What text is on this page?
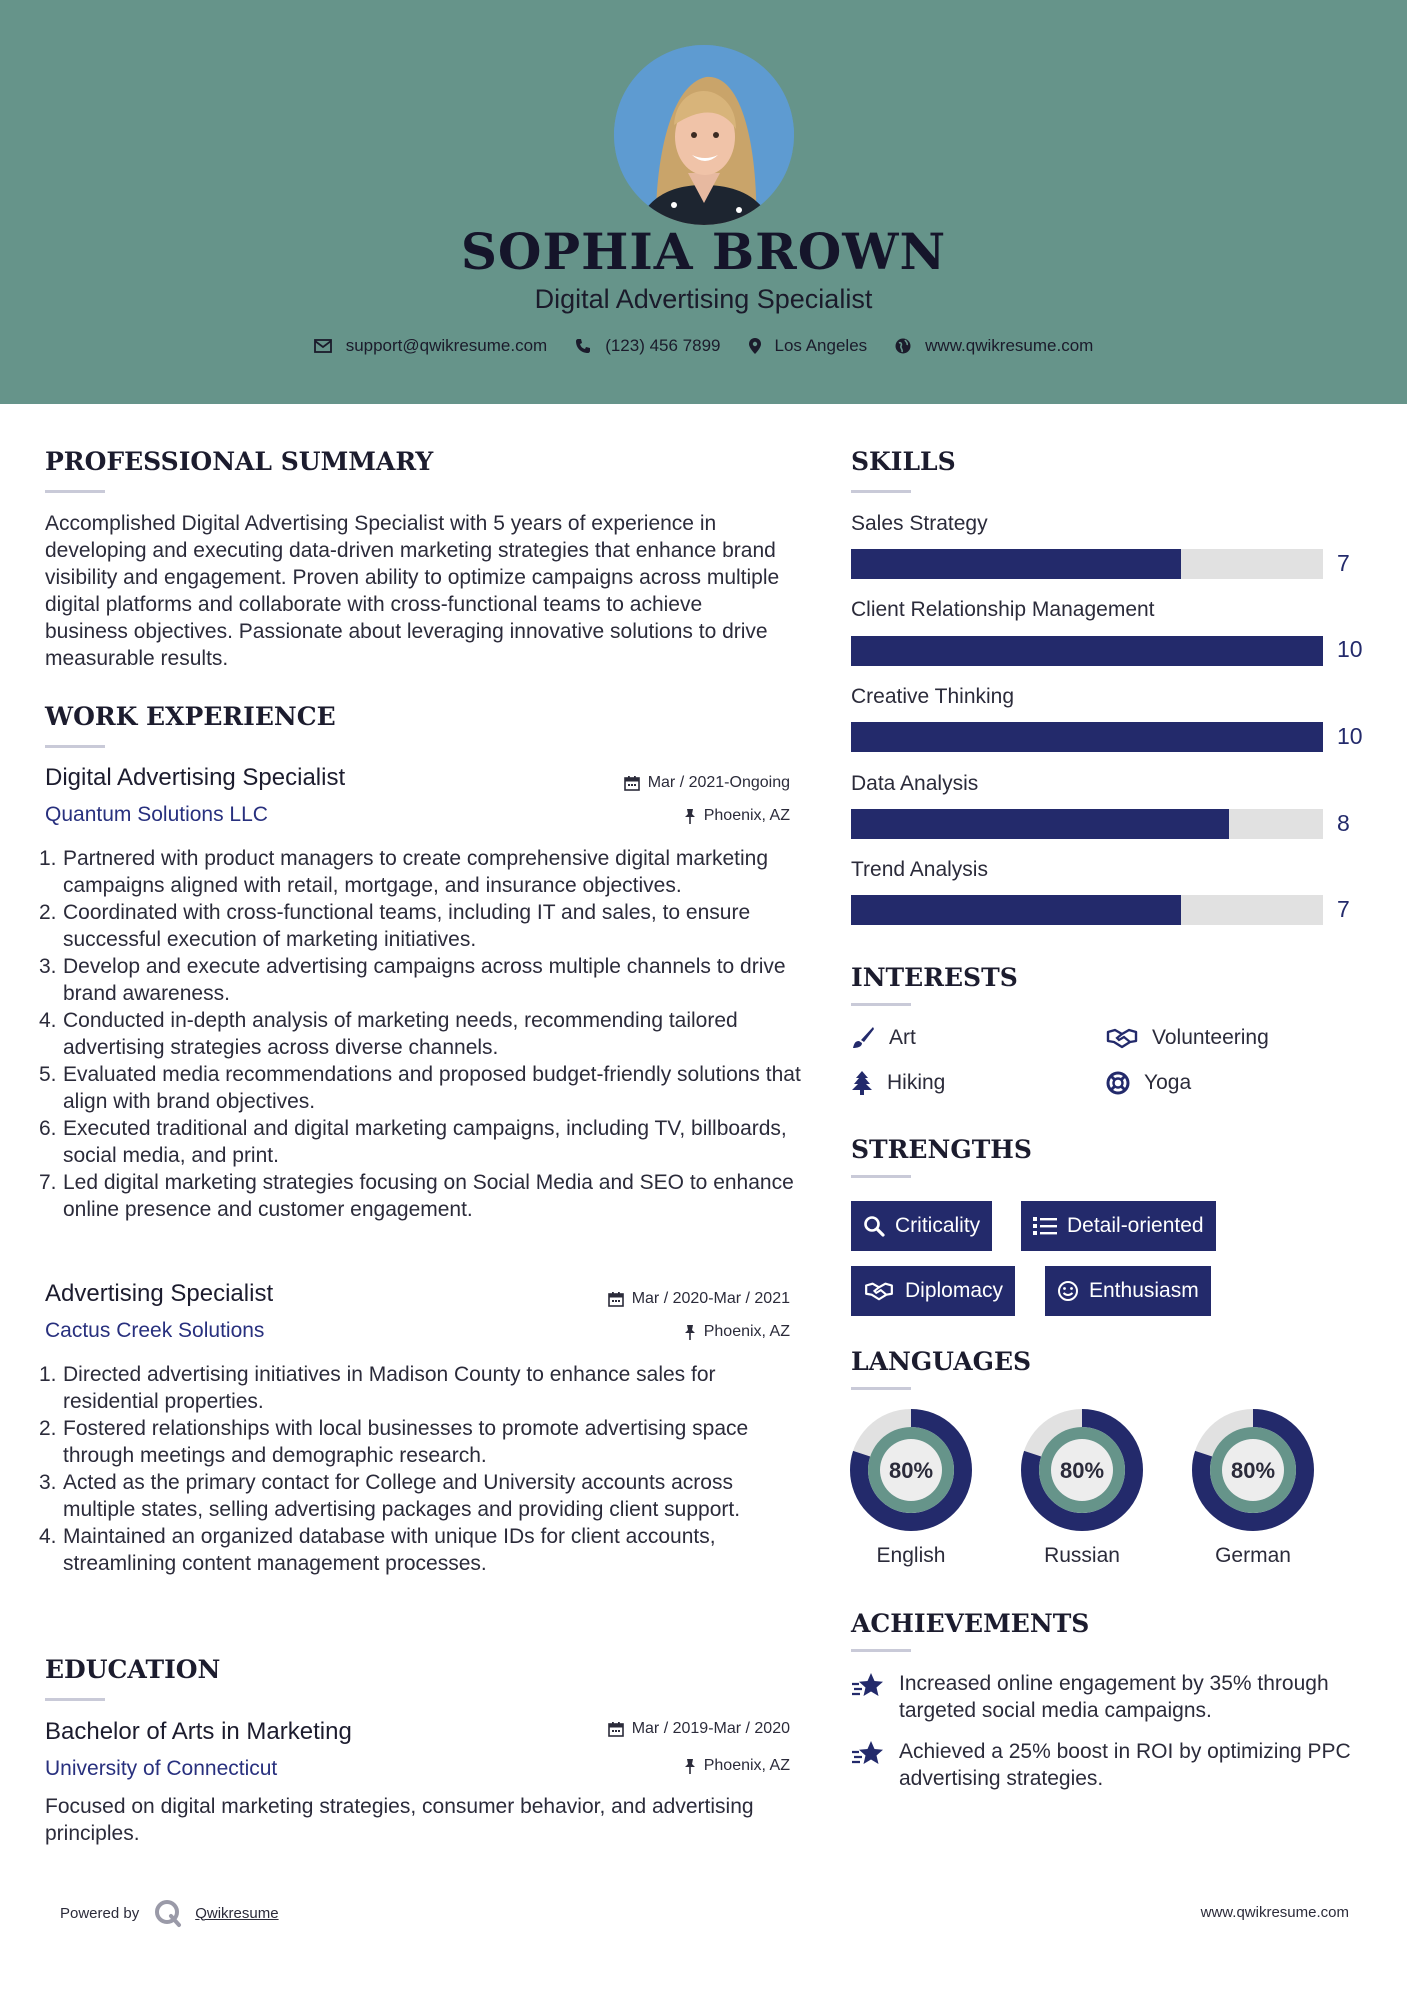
SOPHIA BROWN
Digital Advertising Specialist
support@qwikresume.com	(123) 456 7899	Los Angeles	www.qwikresume.com
PROFESSIONAL SUMMARY
Accomplished Digital Advertising Specialist with 5 years of experience in developing and executing data-driven marketing strategies that enhance brand visibility and engagement. Proven ability to optimize campaigns across multiple digital platforms and collaborate with cross-functional teams to achieve business objectives. Passionate about leveraging innovative solutions to drive measurable results.
WORK EXPERIENCE
Digital Advertising Specialist	Mar / 2021-Ongoing
Quantum Solutions LLC	Phoenix, AZ
1. Partnered with product managers to create comprehensive digital marketing campaigns aligned with retail, mortgage, and insurance objectives.
2. Coordinated with cross-functional teams, including IT and sales, to ensure successful execution of marketing initiatives.
3. Develop and execute advertising campaigns across multiple channels to drive brand awareness.
4. Conducted in-depth analysis of marketing needs, recommending tailored advertising strategies across diverse channels.
5. Evaluated media recommendations and proposed budget-friendly solutions that align with brand objectives.
6. Executed traditional and digital marketing campaigns, including TV, billboards, social media, and print.
7. Led digital marketing strategies focusing on Social Media and SEO to enhance online presence and customer engagement.
Advertising Specialist	Mar / 2020-Mar / 2021
Cactus Creek Solutions	Phoenix, AZ
1. Directed advertising initiatives in Madison County to enhance sales for residential properties.
2. Fostered relationships with local businesses to promote advertising space through meetings and demographic research.
3. Acted as the primary contact for College and University accounts across multiple states, selling advertising packages and providing client support.
4. Maintained an organized database with unique IDs for client accounts, streamlining content management processes.
EDUCATION
Bachelor of Arts in Marketing	Mar / 2019-Mar / 2020
University of Connecticut	Phoenix, AZ
Focused on digital marketing strategies, consumer behavior, and advertising principles.
SKILLS
Sales Strategy
7
Client Relationship Management
10
Creative Thinking
10
Data Analysis
8
Trend Analysis
7
INTERESTS
Art	Volunteering
Hiking	Yoga
STRENGTHS
Criticality	Detail-oriented
Diplomacy	Enthusiasm
LANGUAGES
80%
English
80%
Russian
80%
German
ACHIEVEMENTS
Increased online engagement by 35% through targeted social media campaigns.
Achieved a 25% boost in ROI by optimizing PPC advertising strategies.
Powered by	Qwikresume	www.qwikresume.com
